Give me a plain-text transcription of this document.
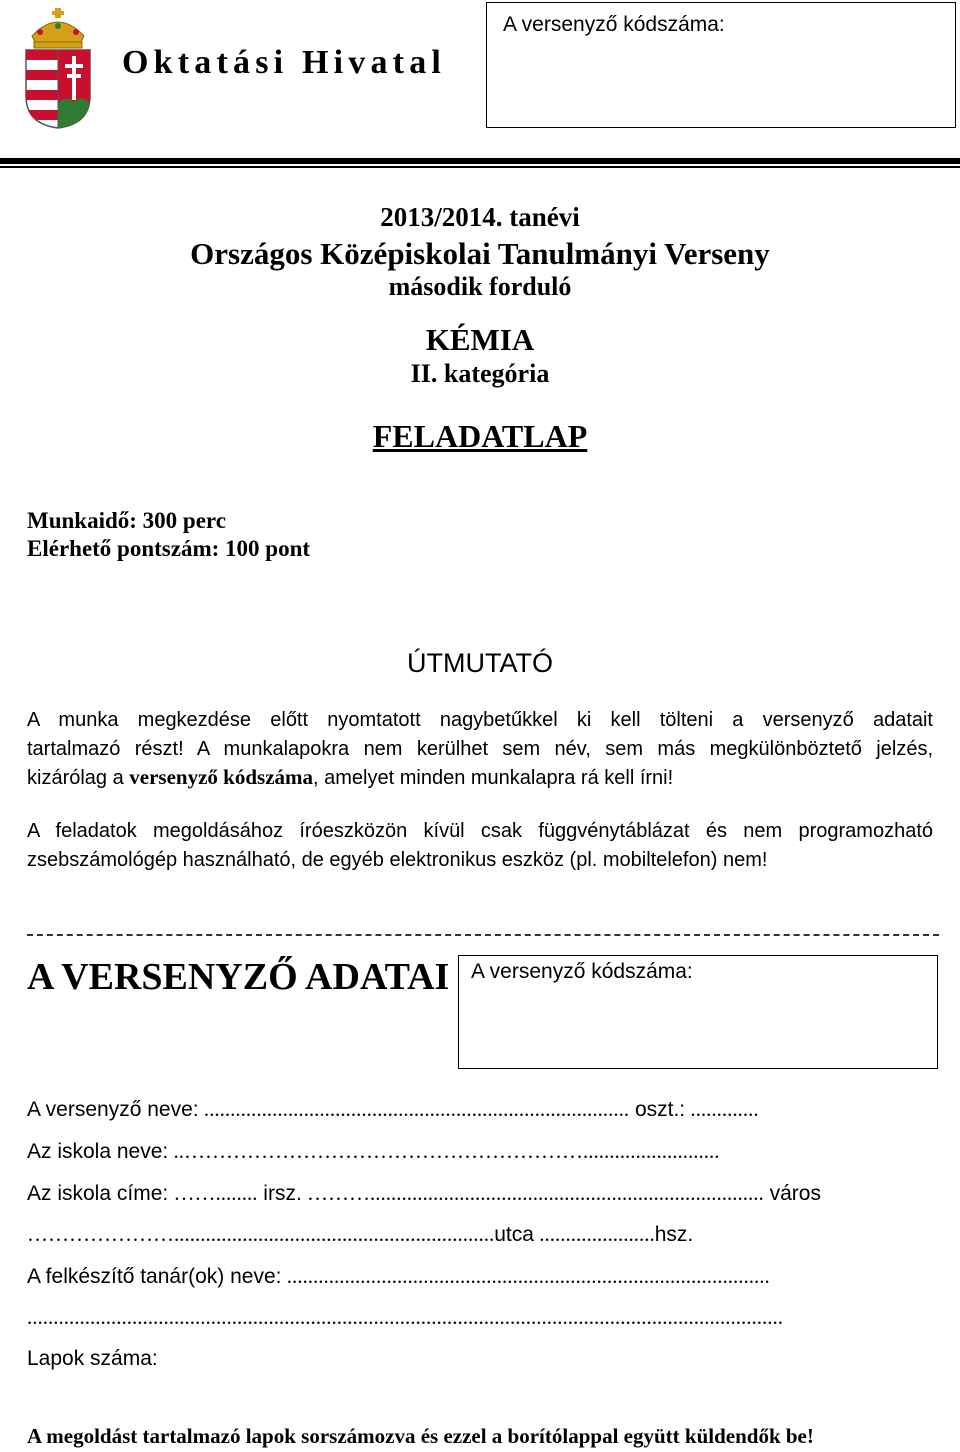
Oktatási Hivatal
A versenyző kódszáma:
2013/2014. tanévi
Országos Középiskolai Tanulmányi Verseny
második forduló
KÉMIA
II. kategória
FELADATLAP
Munkaidő: 300 perc
Elérhető pontszám: 100 pont
ÚTMUTATÓ
A munka megkezdése előtt nyomtatott nagybetűkkel ki kell tölteni a versenyző adatait
tartalmazó részt! A munkalapokra nem kerülhet sem név, sem más megkülönböztető jelzés,
kizárólag a versenyző kódszáma, amelyet minden munkalapra rá kell írni!
A feladatok megoldásához íróeszközön kívül csak függvénytáblázat és nem programozható
zsebszámológép használható, de egyéb elektronikus eszköz (pl. mobiltelefon) nem!
A VERSENYZŐ ADATAI A versenyző kódszáma:
A versenyző neve: ................................................................................. oszt.: .............
Az iskola neve: ..…………………………………………………..........................
Az iskola címe: ……........ irsz. ………........................................................................... város
………………….............................................................utca ......................hsz.
A felkészítő tanár(ok) neve: ............................................................................................
................................................................................................................................................
Lapok száma:
A megoldást tartalmazó lapok sorszámozva és ezzel a borítólappal együtt küldendők be!
